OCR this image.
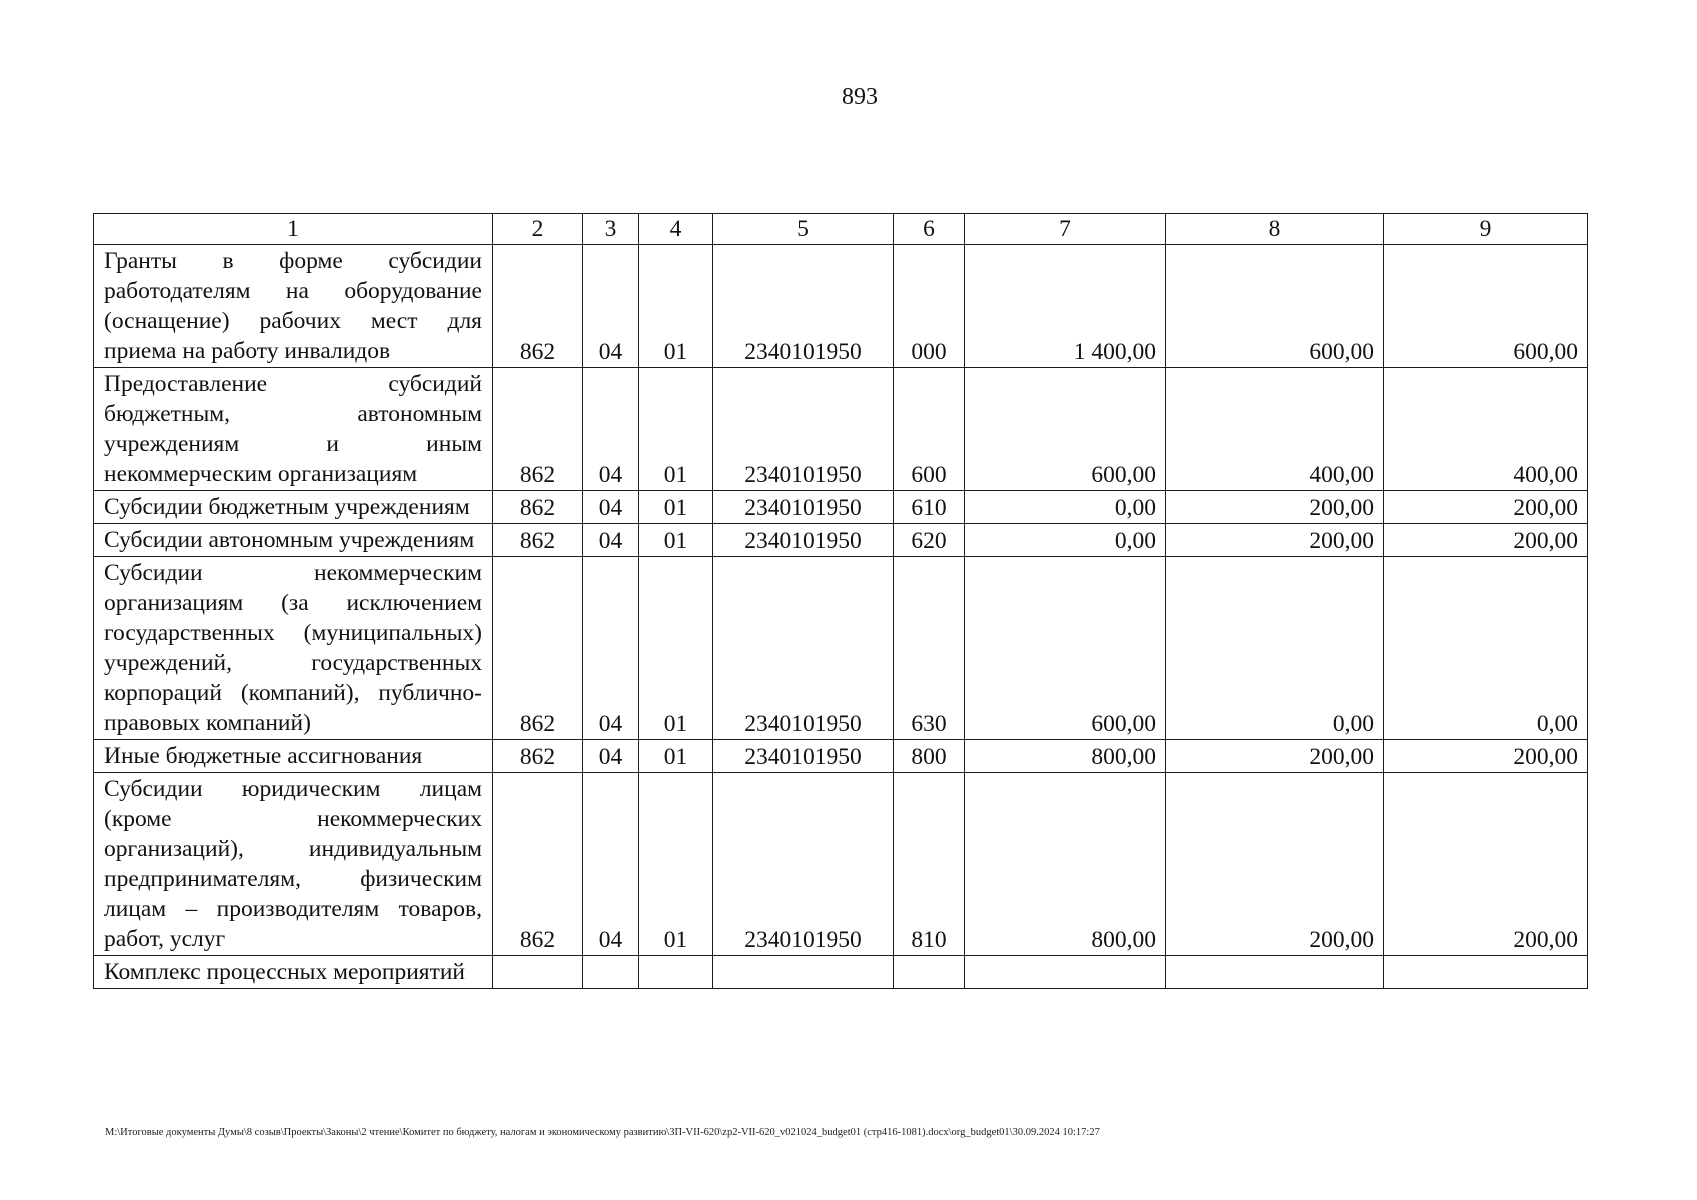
893
1	2	3	4	5	6	7	8	9
Гранты в форме субсидии работодателям на оборудование (оснащение) рабочих мест для приема на работу инвалидов	862	04	01	2340101950	000	1 400,00	600,00	600,00
Предоставление субсидий бюджетным, автономным учреждениям и иным некоммерческим организациям	862	04	01	2340101950	600	600,00	400,00	400,00
Субсидии бюджетным учреждениям	862	04	01	2340101950	610	0,00	200,00	200,00
Субсидии автономным учреждениям	862	04	01	2340101950	620	0,00	200,00	200,00
Субсидии некоммерческим организациям (за исключением государственных (муниципальных) учреждений, государственных корпораций (компаний), публично-правовых компаний)	862	04	01	2340101950	630	600,00	0,00	0,00
Иные бюджетные ассигнования	862	04	01	2340101950	800	800,00	200,00	200,00
Субсидии юридическим лицам (кроме некоммерческих организаций), индивидуальным предпринимателям, физическим лицам – производителям товаров, работ, услуг	862	04	01	2340101950	810	800,00	200,00	200,00
Комплекс процессных мероприятий								
M:\Итоговые документы Думы\8 созыв\Проекты\Законы\2 чтение\Комитет по бюджету, налогам и экономическому развитию\ЗП-VII-620\zp2-VII-620_v021024_budget01 (стр416-1081).docx\org_budget01\30.09.2024 10:17:27
